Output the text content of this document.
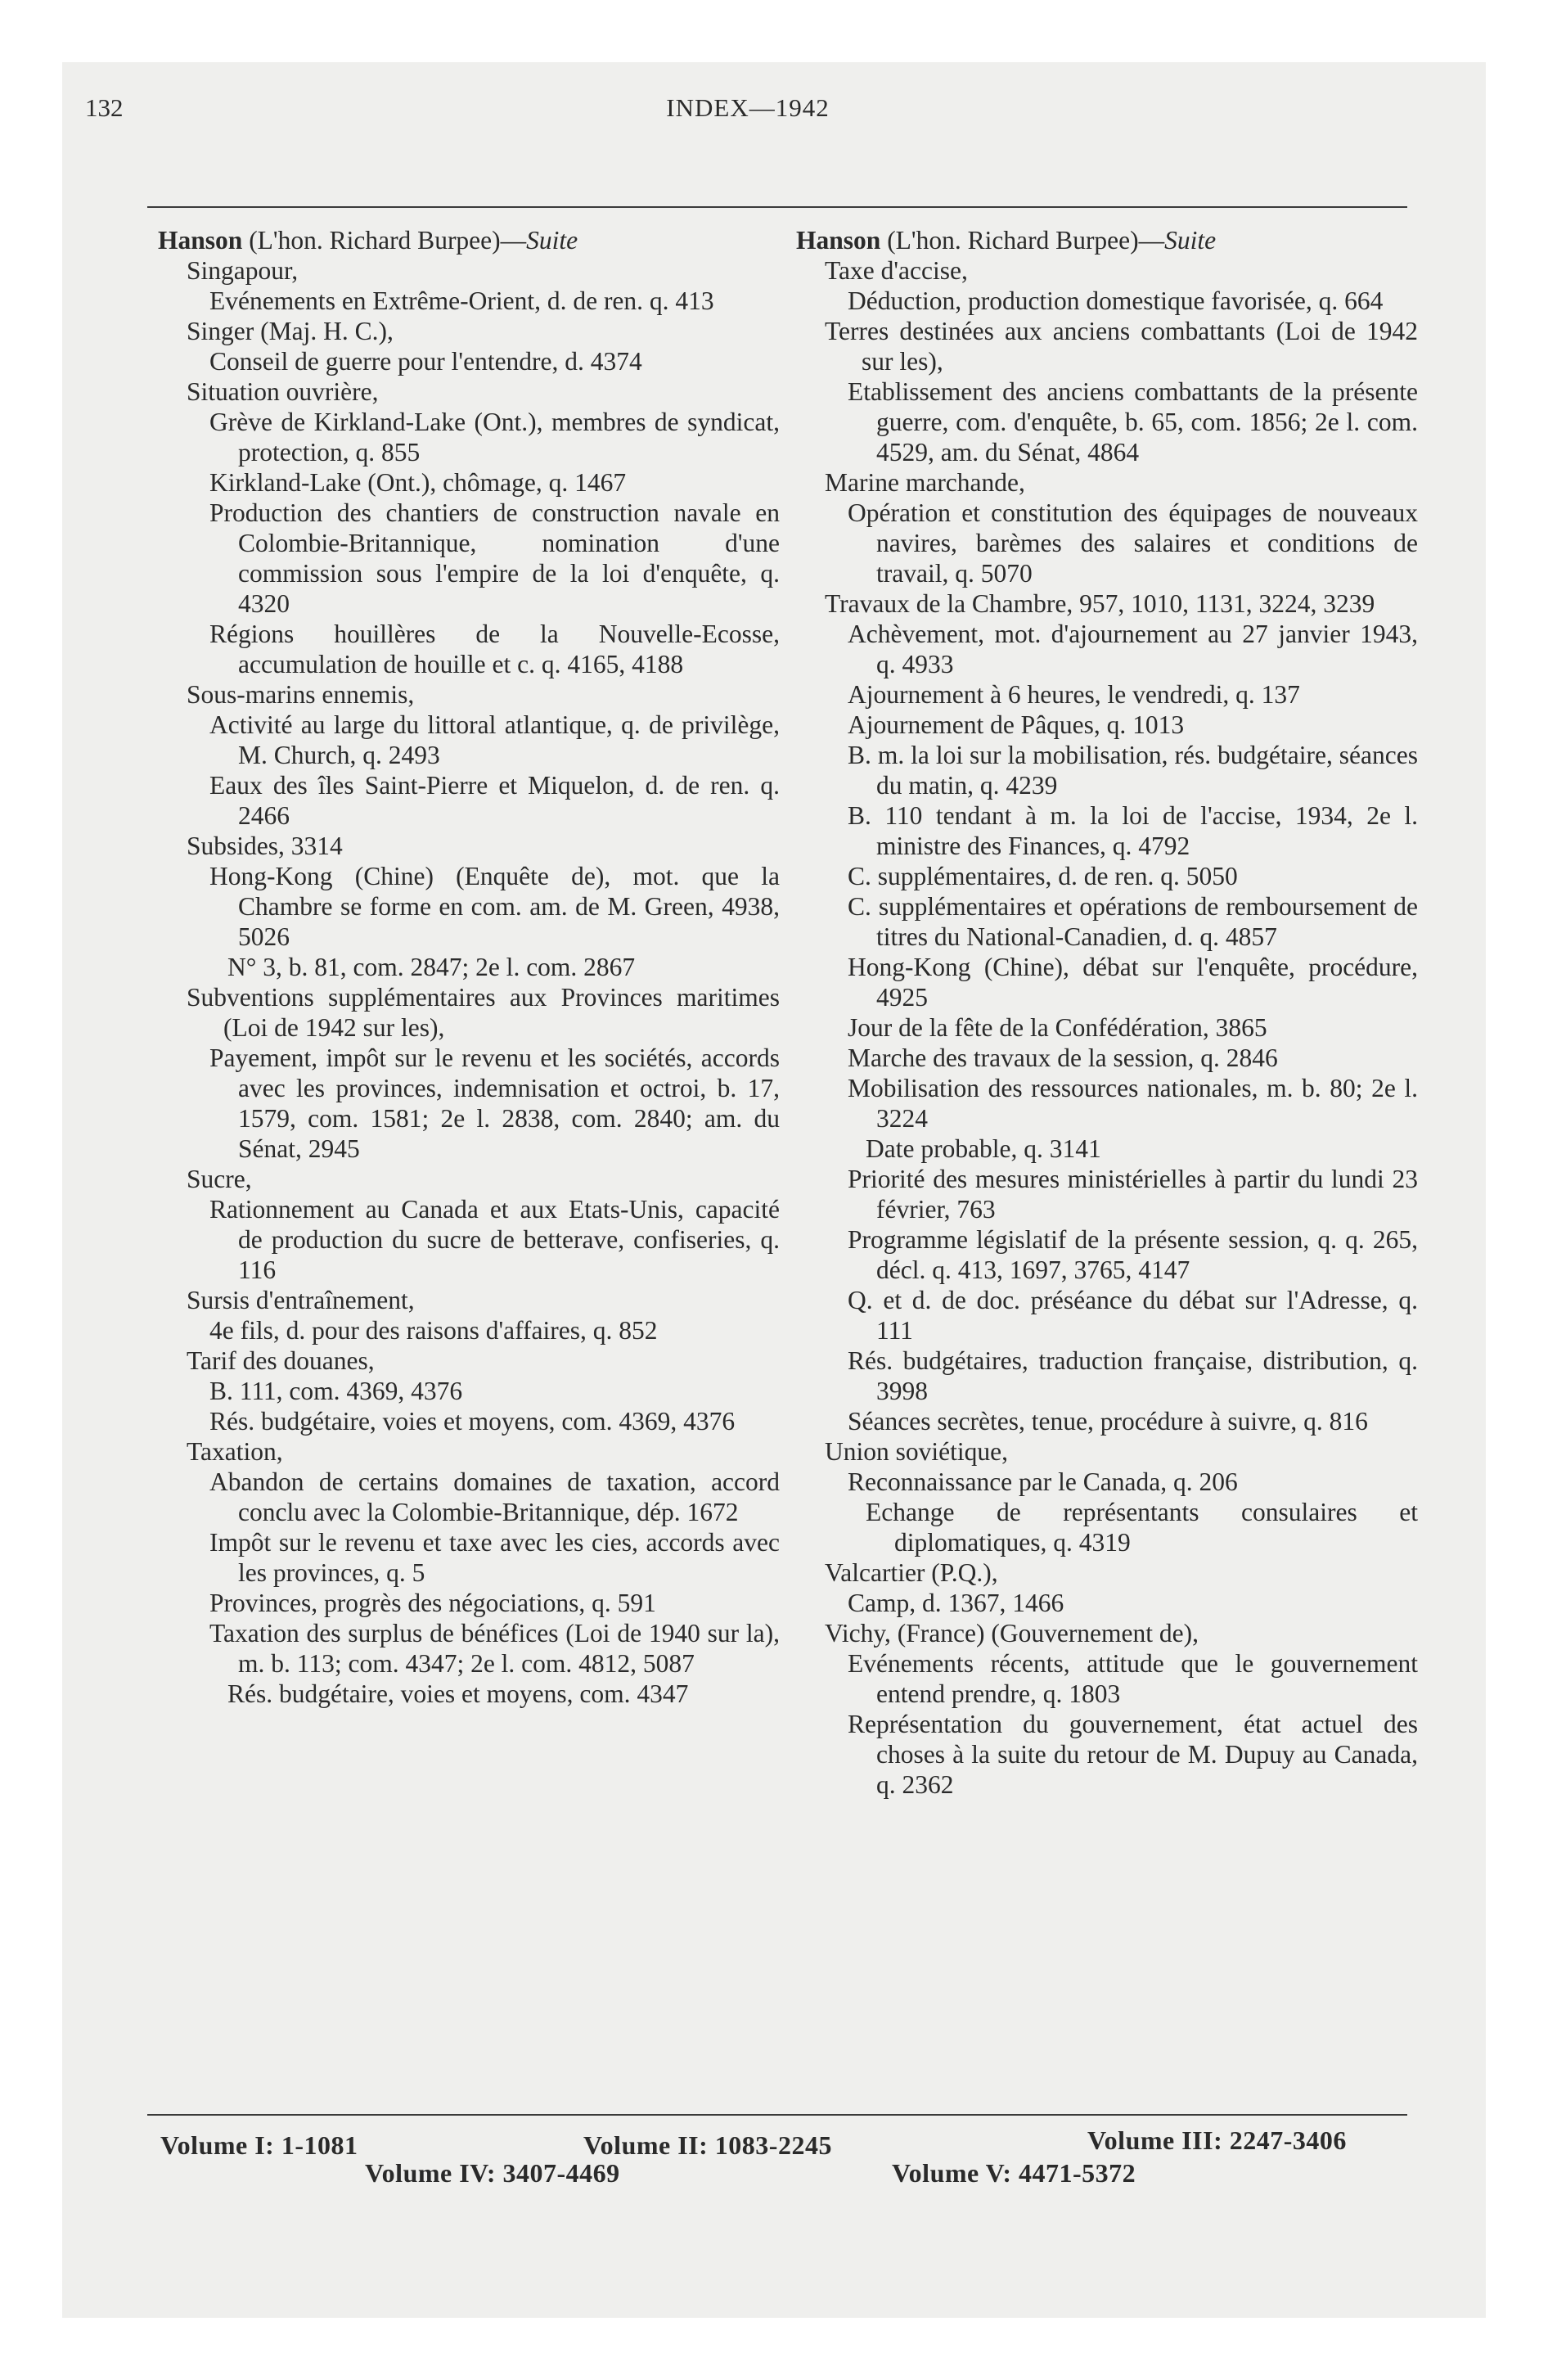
132	INDEX—1942

Hanson (L'hon. Richard Burpee)—Suite

Singapour,

Evénements en Extrême-Orient, d. de ren. q. 413

Singer (Maj. H. C.),

Conseil de guerre pour l'entendre, d. 4374

Situation ouvrière,

Grève de Kirkland-Lake (Ont.), membres de syndicat, protection, q. 855

Kirkland-Lake (Ont.), chômage, q. 1467

Production des chantiers de construction navale en Colombie-Britannique, nomination d'une commission sous l'empire de la loi d'enquête, q. 4320

Régions houillères de la Nouvelle-Ecosse, accumulation de houille et c. q. 4165, 4188

Sous-marins ennemis,

Activité au large du littoral atlantique, q. de privilège, M. Church, q. 2493

Eaux des îles Saint-Pierre et Miquelon, d. de ren. q. 2466

Subsides, 3314

Hong-Kong (Chine) (Enquête de), mot. que la Chambre se forme en com. am. de M. Green, 4938, 5026

N° 3, b. 81, com. 2847; 2e l. com. 2867

Subventions supplémentaires aux Provinces maritimes (Loi de 1942 sur les),

Payement, impôt sur le revenu et les sociétés, accords avec les provinces, indemnisation et octroi, b. 17, 1579, com. 1581; 2e l. 2838, com. 2840; am. du Sénat, 2945

Sucre,

Rationnement au Canada et aux Etats-Unis, capacité de production du sucre de betterave, confiseries, q. 116

Sursis d'entraînement,

4e fils, d. pour des raisons d'affaires, q. 852

Tarif des douanes,

B. 111, com. 4369, 4376

Rés. budgétaire, voies et moyens, com. 4369, 4376

Taxation,

Abandon de certains domaines de taxation, accord conclu avec la Colombie-Britannique, dép. 1672

Impôt sur le revenu et taxe avec les cies, accords avec les provinces, q. 5

Provinces, progrès des négociations, q. 591

Taxation des surplus de bénéfices (Loi de 1940 sur la), m. b. 113; com. 4347; 2e l. com. 4812, 5087

Rés. budgétaire, voies et moyens, com. 4347

Hanson (L'hon. Richard Burpee)—Suite

Taxe d'accise,

Déduction, production domestique favorisée, q. 664

Terres destinées aux anciens combattants (Loi de 1942 sur les),

Etablissement des anciens combattants de la présente guerre, com. d'enquête, b. 65, com. 1856; 2e l. com. 4529, am. du Sénat, 4864

Marine marchande,

Opération et constitution des équipages de nouveaux navires, barèmes des salaires et conditions de travail, q. 5070

Travaux de la Chambre, 957, 1010, 1131, 3224, 3239

Achèvement, mot. d'ajournement au 27 janvier 1943, q. 4933

Ajournement à 6 heures, le vendredi, q. 137

Ajournement de Pâques, q. 1013

B. m. la loi sur la mobilisation, rés. budgétaire, séances du matin, q. 4239

B. 110 tendant à m. la loi de l'accise, 1934, 2e l. ministre des Finances, q. 4792

C. supplémentaires, d. de ren. q. 5050

C. supplémentaires et opérations de remboursement de titres du National-Canadien, d. q. 4857

Hong-Kong (Chine), débat sur l'enquête, procédure, 4925

Jour de la fête de la Confédération, 3865

Marche des travaux de la session, q. 2846

Mobilisation des ressources nationales, m. b. 80; 2e l. 3224

Date probable, q. 3141

Priorité des mesures ministérielles à partir du lundi 23 février, 763

Programme législatif de la présente session, q. q. 265, décl. q. 413, 1697, 3765, 4147

Q. et d. de doc. préséance du débat sur l'Adresse, q. 111

Rés. budgétaires, traduction française, distribution, q. 3998

Séances secrètes, tenue, procédure à suivre, q. 816

Union soviétique,

Reconnaissance par le Canada, q. 206

Echange de représentants consulaires et diplomatiques, q. 4319

Valcartier (P.Q.),

Camp, d. 1367, 1466

Vichy, (France) (Gouvernement de),

Evénements récents, attitude que le gouvernement entend prendre, q. 1803

Représentation du gouvernement, état actuel des choses à la suite du retour de M. Dupuy au Canada, q. 2362

Volume I: 1-1081	Volume II: 1083-2245	Volume III: 2247-3406
Volume IV: 3407-4469	Volume V: 4471-5372
